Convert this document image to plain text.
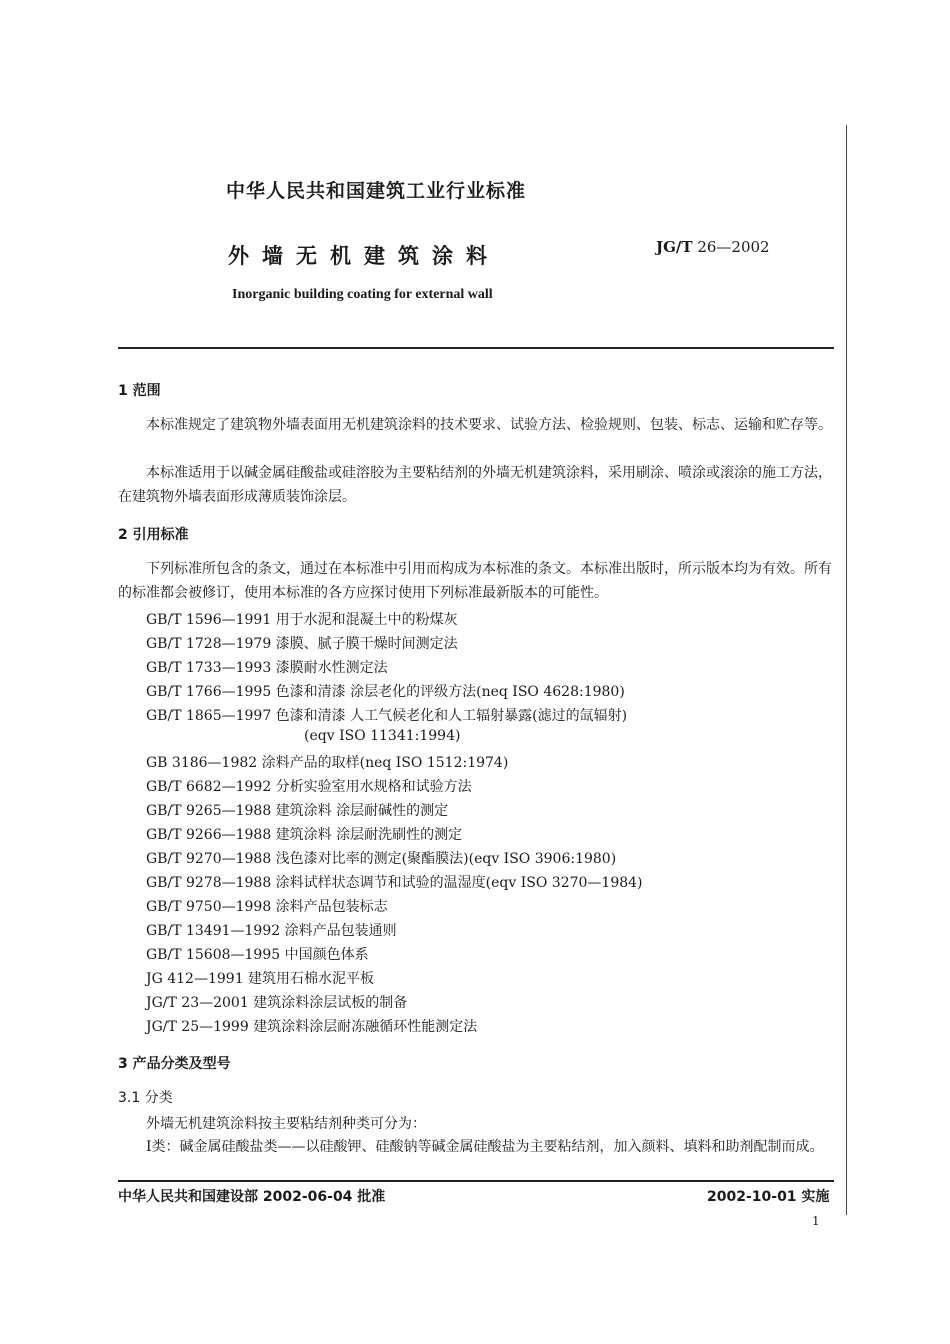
中华人民共和国建筑工业行业标准
外墙无机建筑涂料	JG/T 26—2002
Inorganic building coating for external wall
1 范围
本标准规定了建筑物外墙表面用无机建筑涂料的技术要求、试验方法、检验规则、包装、标志、运输和贮存等。
本标准适用于以碱金属硅酸盐或硅溶胶为主要粘结剂的外墙无机建筑涂料，采用刷涂、喷涂或滚涂的施工方法，在建筑物外墙表面形成薄质装饰涂层。
2 引用标准
下列标准所包含的条文，通过在本标准中引用而构成为本标准的条文。本标准出版时，所示版本均为有效。所有的标准都会被修订，使用本标准的各方应探讨使用下列标准最新版本的可能性。
GB/T 1596—1991 用于水泥和混凝土中的粉煤灰
GB/T 1728—1979 漆膜、腻子膜干燥时间测定法
GB/T 1733—1993 漆膜耐水性测定法
GB/T 1766—1995 色漆和清漆 涂层老化的评级方法(neq ISO 4628:1980)
GB/T 1865—1997 色漆和清漆 人工气候老化和人工辐射暴露(滤过的氙辐射)
(eqv ISO 11341:1994)
GB 3186—1982 涂料产品的取样(neq ISO 1512:1974)
GB/T 6682—1992 分析实验室用水规格和试验方法
GB/T 9265—1988 建筑涂料 涂层耐碱性的测定
GB/T 9266—1988 建筑涂料 涂层耐洗刷性的测定
GB/T 9270—1988 浅色漆对比率的测定(聚酯膜法)(eqv ISO 3906:1980)
GB/T 9278—1988 涂料试样状态调节和试验的温湿度(eqv ISO 3270—1984)
GB/T 9750—1998 涂料产品包装标志
GB/T 13491—1992 涂料产品包装通则
GB/T 15608—1995 中国颜色体系
JG 412—1991 建筑用石棉水泥平板
JG/T 23—2001 建筑涂料涂层试板的制备
JG/T 25—1999 建筑涂料涂层耐冻融循环性能测定法
3 产品分类及型号
3.1 分类
外墙无机建筑涂料按主要粘结剂种类可分为：
Ⅰ类：碱金属硅酸盐类——以硅酸钾、硅酸钠等碱金属硅酸盐为主要粘结剂，加入颜料、填料和助剂配制而成。
中华人民共和国建设部 2002-06-04 批准	2002-10-01 实施
1
